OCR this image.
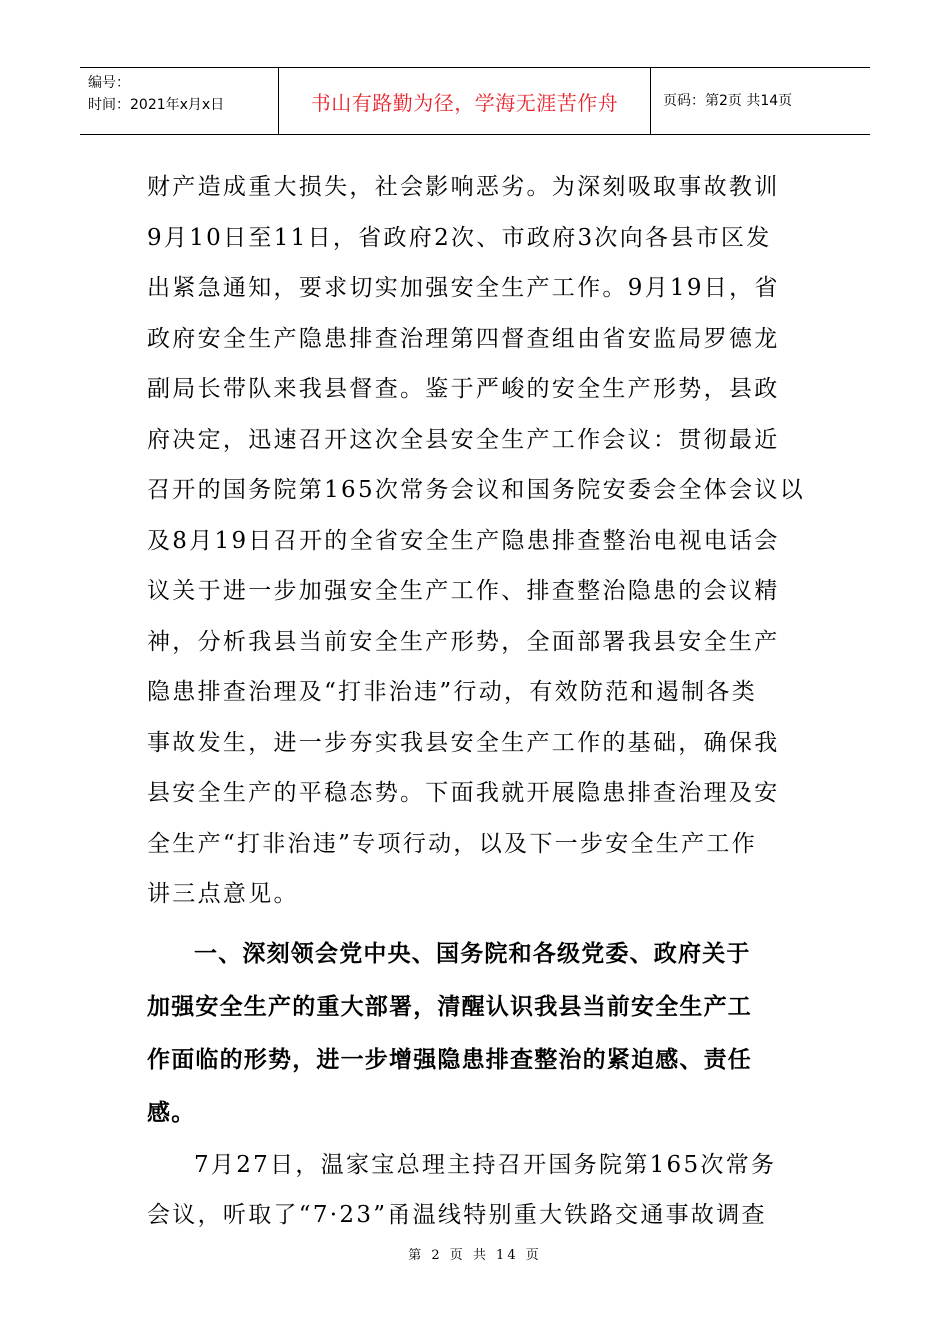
编号：
时间：2021年x月x日	书山有路勤为径，学海无涯苦作舟	页码：第2页 共14页
财产造成重大损失，社会影响恶劣。为深刻吸取事故教训
9月10日至11日，省政府2次、市政府3次向各县市区发
出紧急通知，要求切实加强安全生产工作。9月19日，省
政府安全生产隐患排查治理第四督查组由省安监局罗德龙
副局长带队来我县督查。鉴于严峻的安全生产形势，县政
府决定，迅速召开这次全县安全生产工作会议：贯彻最近
召开的国务院第165次常务会议和国务院安委会全体会议以
及8月19日召开的全省安全生产隐患排查整治电视电话会
议关于进一步加强安全生产工作、排查整治隐患的会议精
神，分析我县当前安全生产形势，全面部署我县安全生产
隐患排查治理及“打非治违”行动，有效防范和遏制各类
事故发生，进一步夯实我县安全生产工作的基础，确保我
县安全生产的平稳态势。下面我就开展隐患排查治理及安
全生产“打非治违”专项行动，以及下一步安全生产工作
讲三点意见。
一、深刻领会党中央、国务院和各级党委、政府关于
加强安全生产的重大部署，清醒认识我县当前安全生产工
作面临的形势，进一步增强隐患排查整治的紧迫感、责任
感。
7月27日，温家宝总理主持召开国务院第165次常务
会议，听取了“7·23”甬温线特别重大铁路交通事故调查
第 2 页 共 14 页
